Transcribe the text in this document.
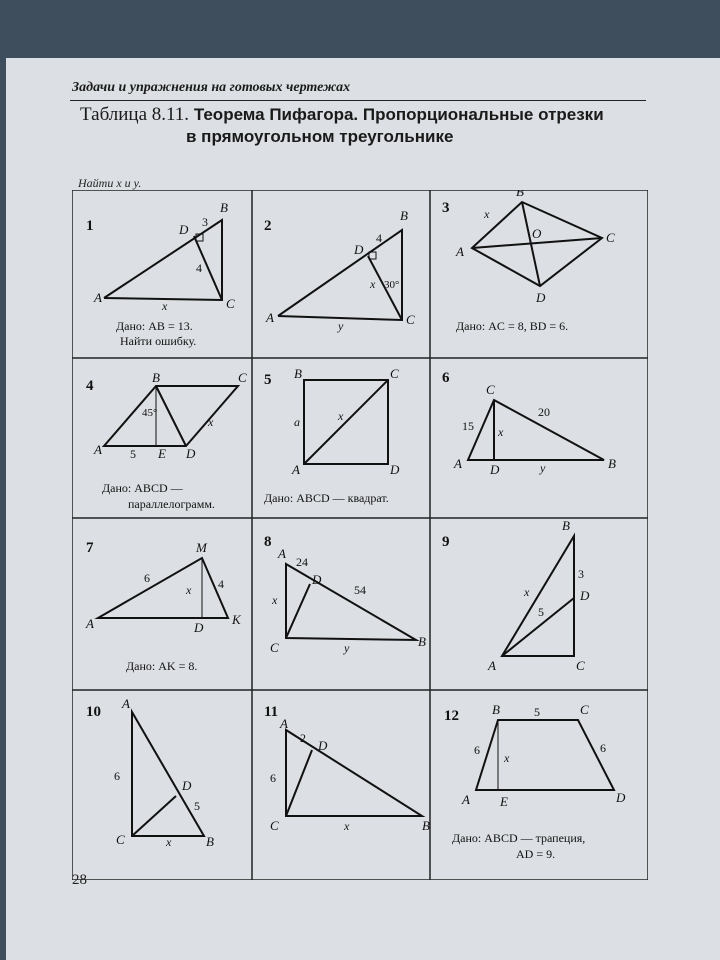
Задачи и упражнения на готовых чертежах
Таблица 8.11. Теорема Пифагора. Пропорциональные отрезки
в прямоугольном треугольнике
Найти x и y.
1
A
B
C
D 3
4
x
Дано: AB = 13.
Найти ошибку.
2
A
B
C
D
4
30°
x
y
3
B
A
C
D
O
x
Дано: AC = 8, BD = 6.
4
B	C
A	D
E
5
45°
x
Дано: ABCD —
параллелограмм.
5 B	C
A	D
a	x
Дано: ABCD — квадрат.
6
C
A D	B
15
20
x
y
7	M
A	K
D
6	4
x
Дано: AK = 8.
8
A
D
C	B
24
54
x
y
9
B
D
A	C
3
5
x
10
A
D
C	B
6
5
x
11
A
D
C	B
2
6
x
12	B	C
A	D
E
5
6	6
x
Дано: ABCD — трапеция,
AD = 9.
28
